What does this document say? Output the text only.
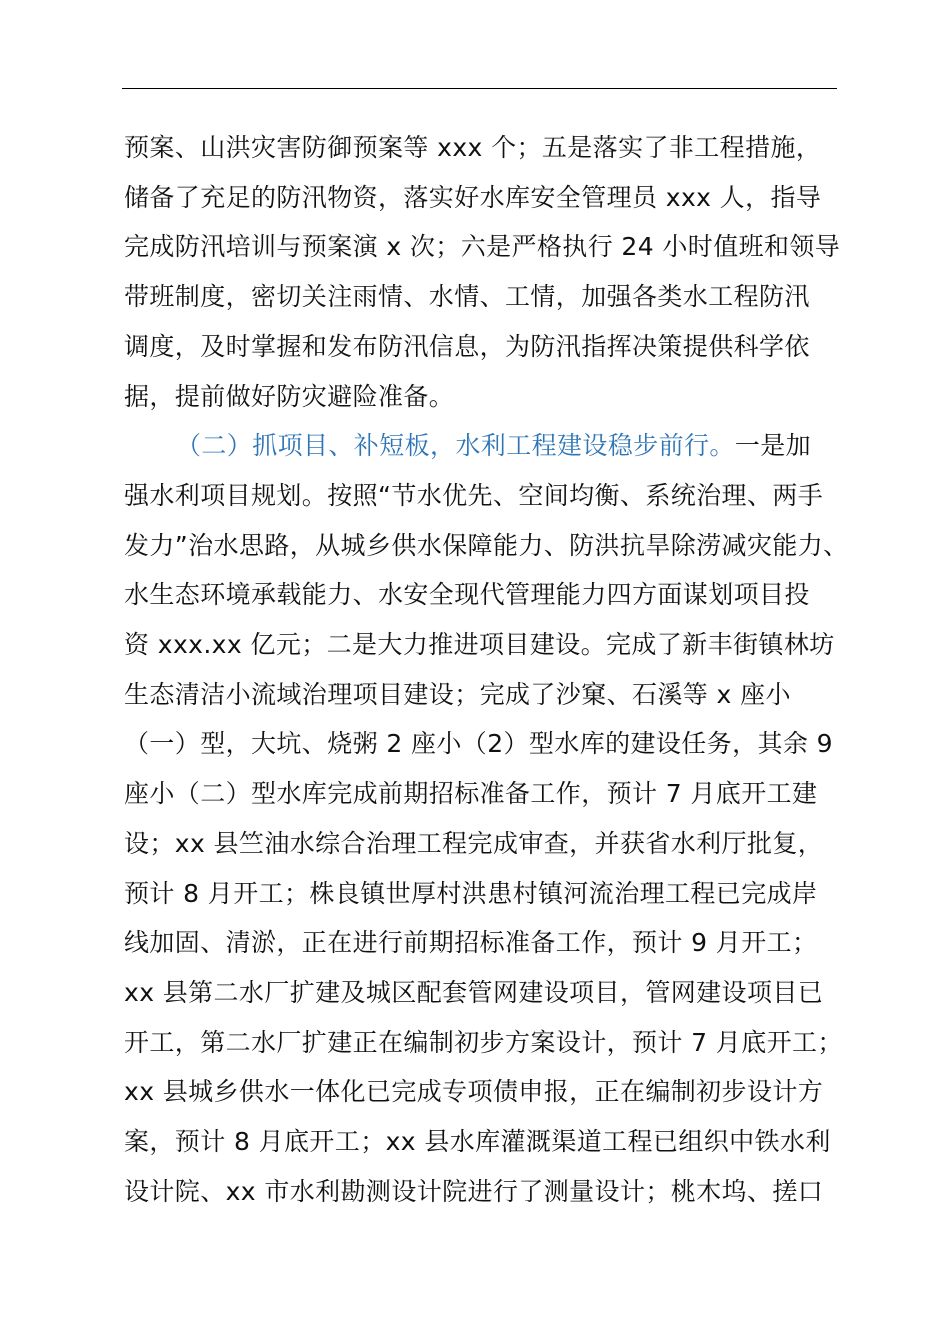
预案、山洪灾害防御预案等 xxx 个；五是落实了非工程措施，
储备了充足的防汛物资，落实好水库安全管理员 xxx 人，指导
完成防汛培训与预案演 x 次；六是严格执行 24 小时值班和领导
带班制度，密切关注雨情、水情、工情，加强各类水工程防汛
调度，及时掌握和发布防汛信息，为防汛指挥决策提供科学依
据，提前做好防灾避险准备。
（二）抓项目、补短板，水利工程建设稳步前行。一是加
强水利项目规划。按照“节水优先、空间均衡、系统治理、两手
发力”治水思路，从城乡供水保障能力、防洪抗旱除涝减灾能力、
水生态环境承载能力、水安全现代管理能力四方面谋划项目投
资 xxx.xx 亿元；二是大力推进项目建设。完成了新丰街镇林坊
生态清洁小流域治理项目建设；完成了沙窠、石溪等 x 座小
（一）型，大坑、烧粥 2 座小（2）型水库的建设任务，其余 9
座小（二）型水库完成前期招标准备工作，预计 7 月底开工建
设；xx 县竺油水综合治理工程完成审查，并获省水利厅批复，
预计 8 月开工；株良镇世厚村洪患村镇河流治理工程已完成岸
线加固、清淤，正在进行前期招标准备工作，预计 9 月开工；
xx 县第二水厂扩建及城区配套管网建设项目，管网建设项目已
开工，第二水厂扩建正在编制初步方案设计，预计 7 月底开工；
xx 县城乡供水一体化已完成专项债申报，正在编制初步设计方
案，预计 8 月底开工；xx 县水库灌溉渠道工程已组织中铁水利
设计院、xx 市水利勘测设计院进行了测量设计；桃木坞、搓口
